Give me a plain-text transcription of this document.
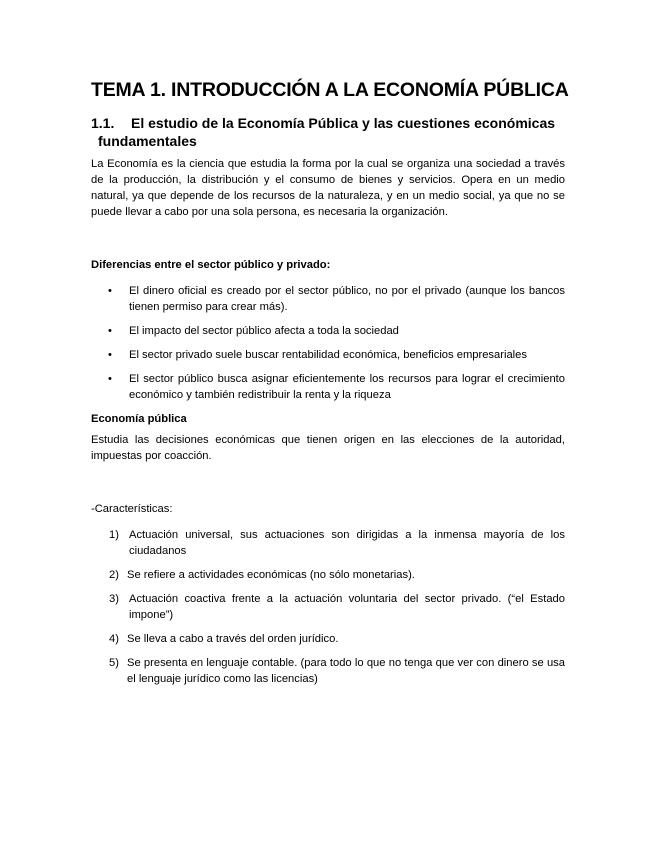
TEMA 1. INTRODUCCIÓN A LA ECONOMÍA PÚBLICA
1.1.	El estudio de la Economía Pública y las cuestiones económicas
fundamentales

La Economía es la ciencia que estudia la forma por la cual se organiza una sociedad a través de la producción, la distribución y el consumo de bienes y servicios. Opera en un medio natural, ya que depende de los recursos de la naturaleza, y en un medio social, ya que no se puede llevar a cabo por una sola persona, es necesaria la organización.

Diferencias entre el sector público y privado:
• El dinero oficial es creado por el sector público, no por el privado (aunque los bancos tienen permiso para crear más).
• El impacto del sector público afecta a toda la sociedad
• El sector privado suele buscar rentabilidad económica, beneficios empresariales
• El sector público busca asignar eficientemente los recursos para lograr el crecimiento económico y también redistribuir la renta y la riqueza
Economía pública

Estudia las decisiones económicas que tienen origen en las elecciones de la autoridad, impuestas por coacción.

-Características:
1) Actuación universal, sus actuaciones son dirigidas a la inmensa mayoría de los ciudadanos
2) Se refiere a actividades económicas (no sólo monetarias).
3) Actuación coactiva frente a la actuación voluntaria del sector privado. (“el Estado impone”)
4) Se lleva a cabo a través del orden jurídico.
5) Se presenta en lenguaje contable. (para todo lo que no tenga que ver con dinero se usa el lenguaje jurídico como las licencias)
